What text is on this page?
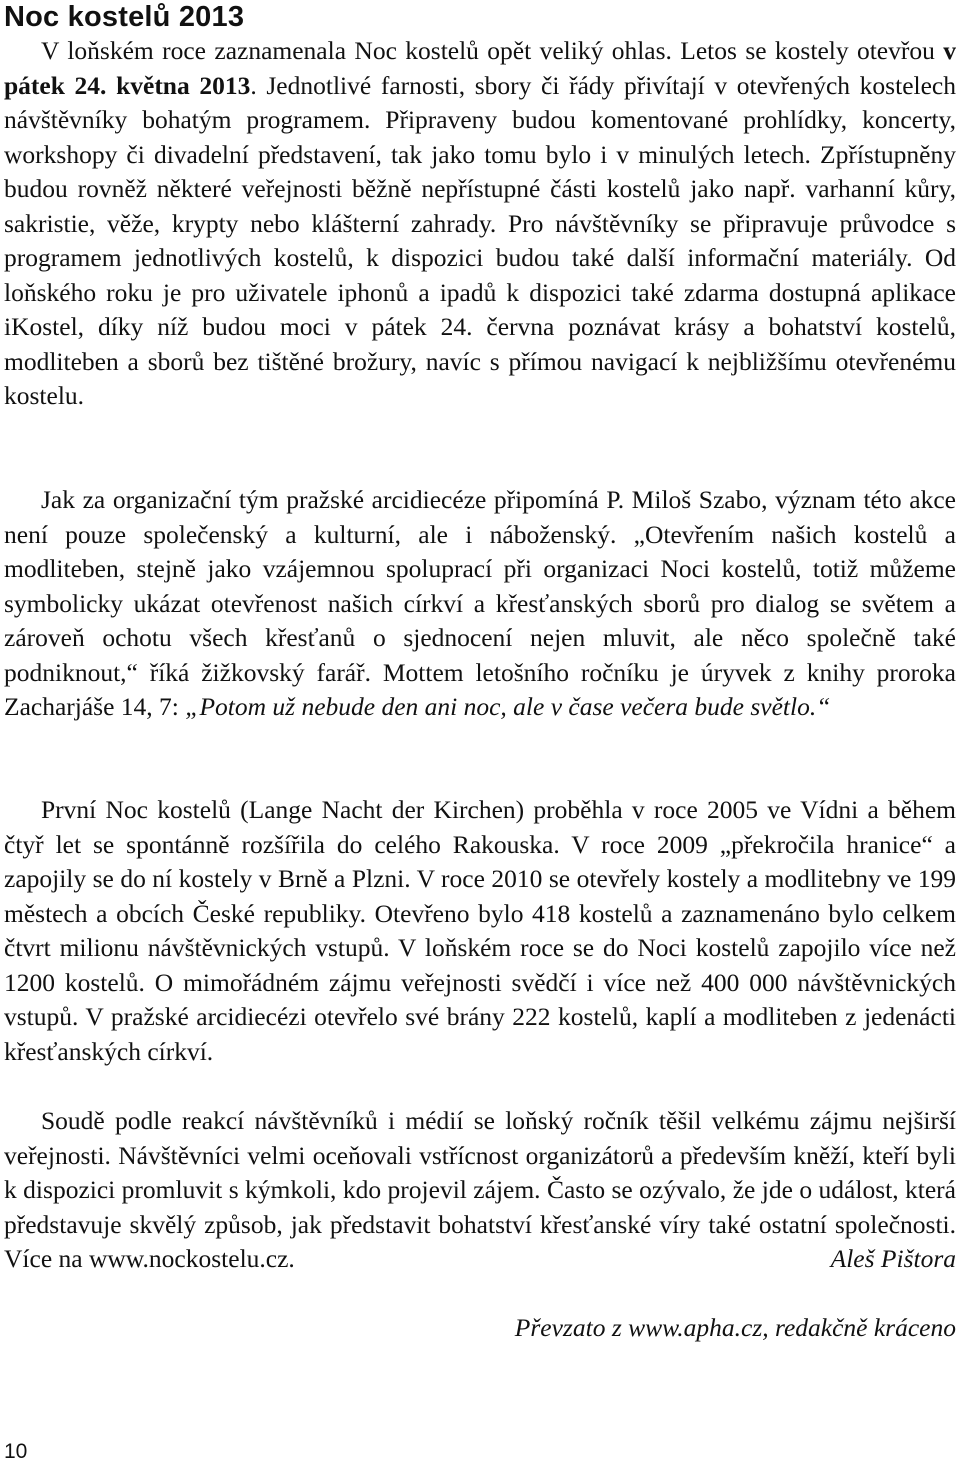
Noc kostelů 2013

V loňském roce zaznamenala Noc kostelů opět veliký ohlas. Letos se kostely otevřou v pátek 24. května 2013. Jednotlivé farnosti, sbory či řády přivítají v otevřených kostelech návštěvníky bohatým programem. Připraveny budou komentované prohlídky, koncerty, workshopy či divadelní představení, tak jako tomu bylo i v minulých letech. Zpřístupněny budou rovněž některé veřejnosti běžně nepřístupné části kostelů jako např. varhanní kůry, sakristie, věže, krypty nebo klášterní zahrady. Pro návštěvníky se připravuje průvodce s programem jednotlivých kostelů, k dispozici budou také další informační materiály. Od loňského roku je pro uživatele iphonů a ipadů k dispozici také zdarma dostupná aplikace iKostel, díky níž budou moci v pátek 24. června poznávat krásy a bohatství kostelů, modliteben a sborů bez tištěné brožury, navíc s přímou navigací k nejbližšímu otevřenému kostelu.

Jak za organizační tým pražské arcidiecéze připomíná P. Miloš Szabo, význam této akce není pouze společenský a kulturní, ale i náboženský. „Otevřením našich kostelů a modliteben, stejně jako vzájemnou spoluprací při organizaci Noci kostelů, totiž můžeme symbolicky ukázat otevřenost našich církví a křesťanských sborů pro dialog se světem a zároveň ochotu všech křesťanů o sjednocení nejen mluvit, ale něco společně také podniknout,“ říká žižkovský farář. Mottem letošního ročníku je úryvek z knihy proroka Zacharjáše 14, 7: „Potom už nebude den ani noc, ale v čase večera bude světlo.“

První Noc kostelů (Lange Nacht der Kirchen) proběhla v roce 2005 ve Vídni a během čtyř let se spontánně rozšířila do celého Rakouska. V roce 2009 „překročila hranice“ a zapojily se do ní kostely v Brně a Plzni. V roce 2010 se otevřely kostely a modlitebny ve 199 městech a obcích České republiky. Otevřeno bylo 418 kostelů a zaznamenáno bylo celkem čtvrt milionu návštěvnických vstupů. V loňském roce se do Noci kostelů zapojilo více než 1200 kostelů. O mimořádném zájmu veřejnosti svědčí i více než 400 000 návštěvnických vstupů. V pražské arcidiecézi otevřelo své brány 222 kostelů, kaplí a modliteben z jedenácti křesťanských církví.

Soudě podle reakcí návštěvníků i médií se loňský ročník těšil velkému zájmu nejširší veřejnosti. Návštěvníci velmi oceňovali vstřícnost organizátorů a především kněží, kteří byli k dispozici promluvit s kýmkoli, kdo projevil zájem. Často se ozývalo, že jde o událost, která představuje skvělý způsob, jak představit bohatství křesťanské víry také ostatní společnosti. Více na www.nockostelu.cz.	Aleš Pištora

Převzato z www.apha.cz, redakčně kráceno
10
